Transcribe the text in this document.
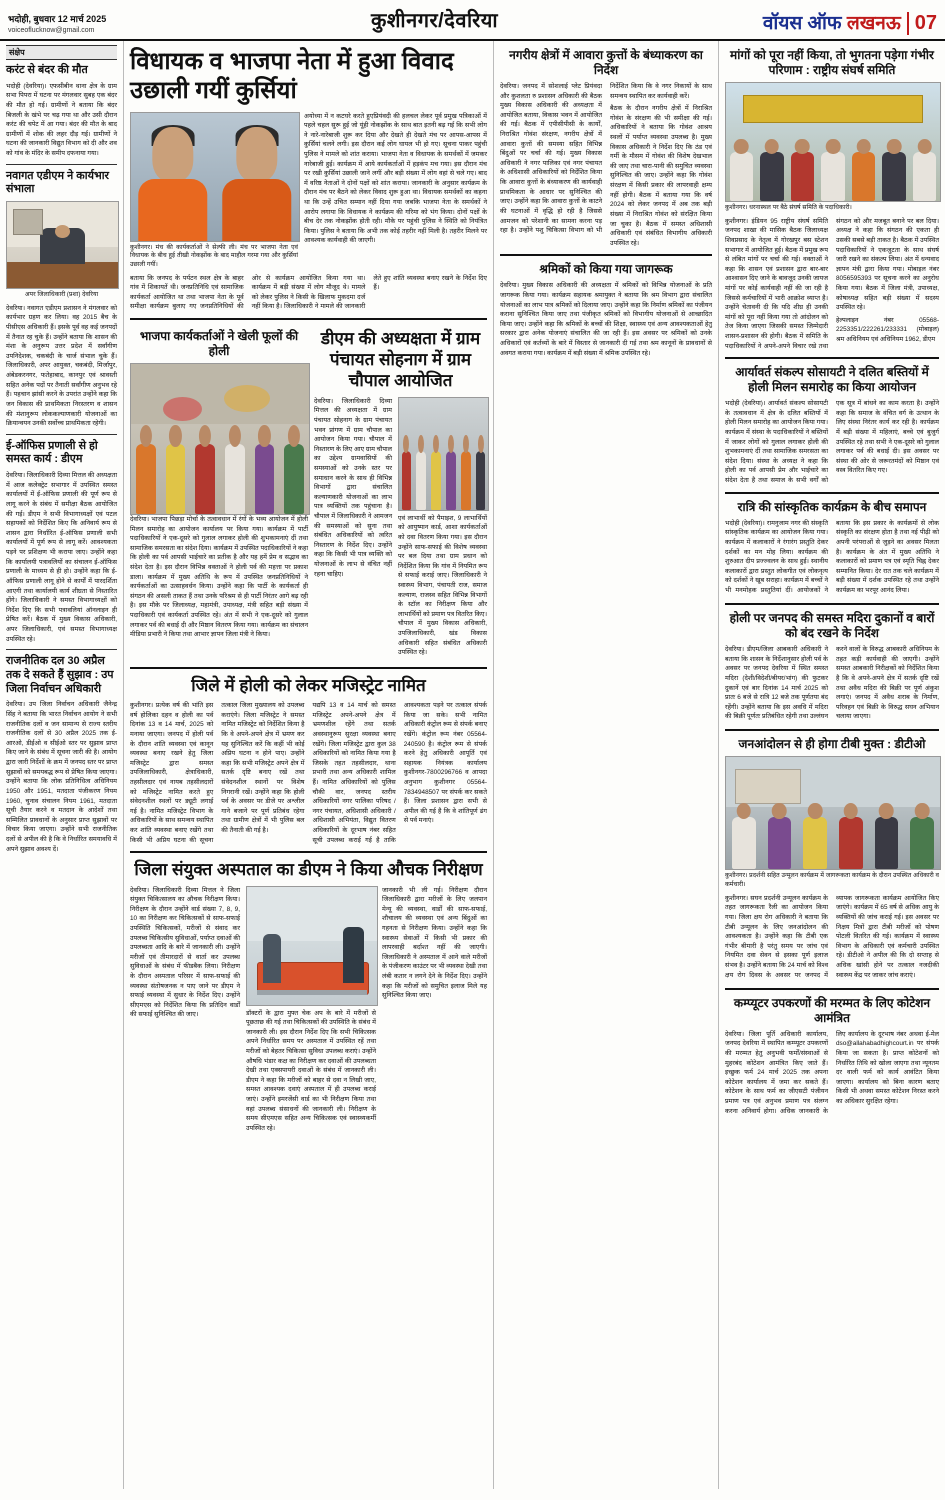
भदोही, बुधवार 12 मार्च 2025
voiceoflucknow@gmail.com	कुशीनगर/देवरिया	वॉयस ऑफ लखनऊ 07
संक्षेप
करंट से बंदर की मौत

भदोही (देवरिया)। एफसीबीन थाना क्षेत्र के ग्राम सभा पिपरा में घटना पर मंगलवार सुबह एक बंदर की मौत हो गई। ग्रामीणों ने बताया कि बंदर बिजली के खंभे पर चढ़ गया था और उसी दौरान करंट की चपेट में आ गया। बंदर की मौत के बाद ग्रामीणों में शोक की लहर दौड़ गई। ग्रामीणों ने घटना की जानकारी विद्युत विभाग को दी और शव को गांव के मंदिर के समीप दफनाया गया।

नवागत एडीएम ने कार्यभार संभाला
अपर जिलाधिकारी (प्रशा) देवरिया

देवरिया। नवागत एडीएम प्रशासन ने मंगलवार को कार्यभार ग्रहण कर लिया। वह 2015 बैच के पीसीएस अधिकारी हैं। इसके पूर्व वह कई जनपदों में तैनात रह चुके हैं। उन्होंने बताया कि शासन की मंशा के अनुरूप उत्तर प्रदेश में सर्वांगीण उपनिदेशक, चकबंदी के चार्ज संभाल चुके हैं। जिलाधिकारी, अपर आयुक्त, चकबंदी, मिर्जापुर, अंबेडकरनगर, फतेहाबाद, कानपुर एवं श्रावस्ती सहित अनेक पदों पर तैनाती सर्वांगीण अनुभव रहे हैं। पहचान झांसी करने के उपरांत उन्होंने कहा कि जन विकास की प्राथमिकता निरस्तरण व शासन की मंशानुरूप लोककल्याणकारी योजनाओं का क्रियान्वयन उनकी सर्वोच्च प्राथमिकता रहेगी।

ई-ऑफिस प्रणाली से हो समस्त कार्य : डीएम

देवरिया। जिलाधिकारी दिव्या मित्तल की अध्यक्षता में आज कलेक्ट्रेट सभागार में उपस्थित समस्त कार्यालयों में ई-ऑफिस प्रणाली की पूर्ण रूप से लागू करने के संबंध में समीक्षा बैठक आयोजित की गई। डीएम ने सभी विभागाध्यक्षों एवं पटल सहायकों को निर्देशित किए कि अनिवार्य रूप से शासन द्वारा निर्धारित ई-ऑफिस प्रणाली सभी कार्यालयों में पूर्ण रूप से लागू करें। आवश्यकता पड़ने पर प्रशिक्षण भी कराया जाए। उन्होंने कहा कि कार्यालयी पत्रावलियों का संचालन ई-ऑफिस प्रणाली के माध्यम से ही हो। उन्होंने कहा कि ई-ऑफिस प्रणाली लागू होने से कार्यों में पारदर्शिता आएगी तथा कार्यालयी कार्य शीघ्रता से निस्तारित होंगे। जिलाधिकारी ने समस्त विभागाध्यक्षों को निर्देश दिए कि सभी पत्रावलियां ऑनलाइन ही प्रेषित करें। बैठक में मुख्य विकास अधिकारी, अपर जिलाधिकारी, एवं समस्त विभागाध्यक्ष उपस्थित रहे।

राजनीतिक दल 30 अप्रैल तक दे सकते हैं सुझाव : उप जिला निर्वाचन अधिकारी

देवरिया। उप जिला निर्वाचन अधिकारी जैनेन्द्र सिंह ने बताया कि भारत निर्वाचन आयोग ने सभी राजनीतिक दलों व जन सामान्य से राज्य स्तरीय राजनीतिक दलों से 30 अप्रैल 2025 तक ई-आरओ, डीईओ व सीईओ स्तर पर सुझाव प्राप्त किए जाने के संबंध में सूचना जारी की है। आयोग द्वारा जारी निर्देशों के क्रम में जनपद स्तर पर प्राप्त सुझावों को समयबद्ध रूप से प्रेषित किया जाएगा। उन्होंने बताया कि लोक प्रतिनिधित्व अधिनियम 1950 और 1951, मतदाता पंजीकरण नियम 1960, चुनाव संचालन नियम 1961, मतदाता सूची तैयार करने व मतदान के आदेशों तथा सम्मिलित प्रावधानों के अनुसार प्राप्त सुझावों पर विचार किया जाएगा। उन्होंने सभी राजनीतिक दलों से अपील की है कि वे निर्धारित समयावधि में अपने सुझाव अवश्य दें।

विधायक व भाजपा नेता में हुआ विवाद उछाली गयीं कुर्सियां
कुशीनगर। मंच की कार्यकर्ताओं ने सेल्फी ली। मंच पर भाजपा नेता एवं विधायक के बीच हुई तीखी नोकझोंक के बाद माहौल गरमा गया और कुर्सियां उछाली गयीं।

अयोध्या में न कटघरे करते हुएप्रियंवदी की हलचल लेकर पूर्व प्रमुख पत्रिकाओं में पहले चहल सुरू हुई जो यूंही नोकझोंक के साथ बात इतनी बढ़ गई कि सभी लोग ने नारे-नारेबाजी शुरू कर दिया और देखते ही देखते मंच पर आपस-आपस में कुर्सियां चलने लगी। इस दौरान कई लोग घायल भी हो गए। सूचना पाकर पहुंची पुलिस ने मामले को शांत कराया। भाजपा नेता व विधायक के समर्थकों में जमकर नारेबाजी हुई। कार्यक्रम में आये कार्यकर्ताओं में हड़कंप मच गया। इस दौरान मंच पर रखी कुर्सियां उछाली जाने लगीं और बड़ी संख्या में लोग वहां से चले गए। बाद में वरिष्ठ नेताओं ने दोनों पक्षों को शांत कराया। जानकारी के अनुसार कार्यक्रम के दौरान मंच पर बैठने को लेकर विवाद शुरू हुआ था। विधायक समर्थकों का कहना था कि उन्हें उचित सम्मान नहीं दिया गया जबकि भाजपा नेता के समर्थकों ने आरोप लगाया कि विधायक ने कार्यक्रम की गरिमा को भंग किया। दोनों पक्षों के बीच देर तक नोकझोंक होती रही। मौके पर पहुंची पुलिस ने स्थिति को नियंत्रित किया। पुलिस ने बताया कि अभी तक कोई तहरीर नहीं मिली है। तहरीर मिलने पर आवश्यक कार्यवाही की जाएगी।

बताया कि जनपद के पर्यटन स्थल क्षेत्र के बाहर गांव में शिकायतें थी। जनप्रतिनिधि एवं सामाजिक कार्यकर्ता आयोजित था तथा भाजपा नेता के पूर्व समीक्षा कार्यक्रम बुलाए गए जनप्रतिनिधियों की ओर से कार्यक्रम आयोजित किया गया था। कार्यक्रम में बड़ी संख्या में लोग मौजूद थे। मामले को लेकर पुलिस ने किसी के खिलाफ मुकदमा दर्ज नहीं किया है। जिलाधिकारी ने मामले की जानकारी लेते हुए शांति व्यवस्था बनाए रखने के निर्देश दिए हैं।

भाजपा कार्यकर्ताओं ने खेली फूलों की होली

देवरिया। भाजपा पिछड़ा मोर्चा के तत्वावधान में रंगों के भव्य आयोजन में होली मिलन समारोह का आयोजन कार्यालय पर किया गया। कार्यक्रम में पार्टी पदाधिकारियों ने एक-दूसरे को गुलाल लगाकर होली की शुभकामनाएं दीं तथा सामाजिक समरसता का संदेश दिया। कार्यक्रम में उपस्थित पदाधिकारियों ने कहा कि होली का पर्व आपसी भाईचारे का प्रतीक है और यह हमें प्रेम व सद्भाव का संदेश देता है। इस दौरान विभिन्न वक्ताओं ने होली पर्व की महत्ता पर प्रकाश डाला। कार्यक्रम में मुख्य अतिथि के रूप में उपस्थित जनप्रतिनिधियों ने कार्यकर्ताओं का उत्साहवर्धन किया। उन्होंने कहा कि पार्टी के कार्यकर्ता ही संगठन की असली ताकत हैं तथा उनके परिश्रम से ही पार्टी निरंतर आगे बढ़ रही है। इस मौके पर जिलाध्यक्ष, महामंत्री, उपाध्यक्ष, मंत्री सहित बड़ी संख्या में पदाधिकारी एवं कार्यकर्ता उपस्थित रहे। अंत में सभी ने एक-दूसरे को गुलाल लगाकर पर्व की बधाई दी और मिष्ठान वितरण किया गया। कार्यक्रम का संचालन मीडिया प्रभारी ने किया तथा आभार ज्ञापन जिला मंत्री ने किया।

डीएम की अध्यक्षता में ग्राम पंचायत सोहनाग में ग्राम चौपाल आयोजित

देवरिया। जिलाधिकारी दिव्या मित्तल की अध्यक्षता में ग्राम पंचायत सोहनाग के ग्राम पंचायत भवन प्रांगण में ग्राम चौपाल का आयोजन किया गया। चौपाल में निस्तारण के लिए आए ग्राम चौपाल का उद्देश्य ग्रामवासियों की समस्याओं को उनके स्तर पर समाधान करने के साथ ही विभिन्न विभागों द्वारा संचालित कल्याणकारी योजनाओं का लाभ पात्र व्यक्तियों तक पहुंचाना है। चौपाल में जिलाधिकारी ने आमजन की समस्याओं को सुना तथा संबंधित अधिकारियों को त्वरित निस्तारण के निर्देश दिए। उन्होंने कहा कि किसी भी पात्र व्यक्ति को योजनाओं के लाभ से वंचित नहीं रहना चाहिए।

एवं लाभार्थी को पैमाइश, 9 लाभार्थियों को आयुष्मान कार्ड, आशा कार्यकर्ताओं को दवा वितरण किया गया। इस दौरान उन्होंने साफ-सफाई की विशेष व्यवस्था पर बल दिया तथा ग्राम प्रधान को निर्देशित किया कि गांव में नियमित रूप से सफाई कराई जाए। जिलाधिकारी ने स्वास्थ्य विभाग, पंचायती राज, समाज कल्याण, राजस्व सहित विभिन्न विभागों के स्टॉल का निरीक्षण किया और लाभार्थियों को प्रमाण पत्र वितरित किए। चौपाल में मुख्य विकास अधिकारी, उपजिलाधिकारी, खंड विकास अधिकारी सहित संबंधित अधिकारी उपस्थित रहे।

जिले में होली को लेकर मजिस्ट्रेट नामित

कुशीनगर। प्रत्येक वर्ष की भांति इस वर्ष होलिका दहन व होली का पर्व दिनांक 13 व 14 मार्च, 2025 को मनाया जाएगा। जनपद में होली पर्व के दौरान शांति व्यवस्था एवं कानून व्यवस्था बनाए रखने हेतु जिला मजिस्ट्रेट द्वारा समस्त उपजिलाधिकारी, क्षेत्राधिकारी, तहसीलदार एवं नायब तहसीलदारों को मजिस्ट्रेट नामित करते हुए संवेदनशील स्थलों पर ड्यूटी लगाई गई है। नामित मजिस्ट्रेट विभाग के अधिकारियों के साथ समन्वय स्थापित कर शांति व्यवस्था बनाए रखेंगे तथा किसी भी अप्रिय घटना की सूचना तत्काल जिला मुख्यालय को उपलब्ध कराएंगे। जिला मजिस्ट्रेट ने समस्त नामित मजिस्ट्रेट को निर्देशित किया है कि वे अपने-अपने क्षेत्र में भ्रमण कर यह सुनिश्चित करें कि कहीं भी कोई अप्रिय घटना न होने पाए। उन्होंने कहा कि सभी मजिस्ट्रेट अपने क्षेत्र में सतर्क दृष्टि बनाए रखें तथा संवेदनशील स्थानों पर विशेष निगरानी रखें। उन्होंने कहा कि होली पर्व के अवसर पर डीजे पर अश्लील गाने बजाने पर पूर्ण प्रतिबंध रहेगा तथा ग्रामीण क्षेत्रों में भी पुलिस बल की तैनाती की गई है।

यद्यपि 13 व 14 मार्च को समस्त मजिस्ट्रेट अपने-अपने क्षेत्र में भ्रमणशील रहेंगे तथा सतर्क अवस्थानुरूप सुरक्षा व्यवस्था बनाए रखेंगे। जिला मजिस्ट्रेट द्वारा कुल 38 अधिकारियों को नामित किया गया है जिसके तहत तहसीलदार, थाना प्रभारी तथा अन्य अधिकारी शामिल हैं। नामित अधिकारियों को पुलिस चौकी वार, जनपद स्तरीय अधिकारियों नगर पालिका परिषद / नगर पंचायत, अधिशासी अधिकारी / अधिशासी अभियंता, विद्युत वितरण अधिकारियों के दूरभाष नंबर सहित सूची उपलब्ध कराई गई है ताकि आवश्यकता पड़ने पर तत्काल संपर्क किया जा सके। सभी नामित अधिकारी कंट्रोल रूम से संपर्क बनाए रखेंगे। कंट्रोल रूम नंबर 05564-240590 है। कंट्रोल रूम से संपर्क करने हेतु अधिकारी आपूर्ति एवं सहायक नियंत्रक कार्यालय कुशीनगर-7800296766 व आपदा अनुभाग कुशीनगर 05564-7834948507 पर संपर्क कर सकते हैं। जिला प्रशासन द्वारा सभी से अपील की गई है कि वे शांतिपूर्ण ढंग से पर्व मनाएं।

जिला संयुक्त अस्पताल का डीएम ने किया औचक निरीक्षण

देवरिया। जिलाधिकारी दिव्या मित्तल ने जिला संयुक्त चिकित्सालय का औचक निरीक्षण किया। निरीक्षण के दौरान उन्होंने वार्ड संख्या 7, 8, 9, 10 का निरीक्षण कर चिकित्सकों से साफ-सफाई उपस्थिति चिकित्सकों, मरीजों से संवाद कर उपलब्ध चिकित्सीय सुविधाओं, पर्याप्त दवाओं की उपलब्धता आदि के बारे में जानकारी ली। उन्होंने मरीजों एवं तीमारदारों से वार्ता कर उपलब्ध सुविधाओं के संबंध में फीडबैक लिया। निरीक्षण के दौरान अस्पताल परिसर में साफ-सफाई की व्यवस्था संतोषजनक न पाए जाने पर डीएम ने सफाई व्यवस्था में सुधार के निर्देश दिए। उन्होंने सीएमएस को निर्देशित किया कि प्रतिदिन वार्डों की सफाई सुनिश्चित की जाए।	डॉक्टरों के द्वारा मुफ्त चेक अप के बारे में मरीजों से पूछताछ की गई तथा चिकित्सकों की उपस्थिति के संबंध में जानकारी ली। इस दौरान निर्देश दिए कि सभी चिकित्सक अपने निर्धारित समय पर अस्पताल में उपस्थित रहें तथा मरीजों को बेहतर चिकित्सा सुविधा उपलब्ध कराएं। उन्होंने औषधि भंडार कक्ष का निरीक्षण कर दवाओं की उपलब्धता देखी तथा एक्सपायरी दवाओं के संबंध में जानकारी ली। डीएम ने कहा कि मरीजों को बाहर से दवा न लिखी जाए, समस्त आवश्यक दवाएं अस्पताल में ही उपलब्ध कराई जाएं। उन्होंने इमरजेंसी वार्ड का भी निरीक्षण किया तथा वहां उपलब्ध संसाधनों की जानकारी ली। निरीक्षण के समय सीएमएस सहित अन्य चिकित्सक एवं स्वास्थ्यकर्मी उपस्थित रहे।

जानकारी भी ली गई। निरीक्षण दौरान जिलाधिकारी द्वारा मरीजों के लिए जलपान मेन्यू की व्यवस्था, वार्डों की साफ-सफाई, शौचालय की व्यवस्था एवं अन्य बिंदुओं का गहनता से निरीक्षण किया। उन्होंने कहा कि स्वास्थ्य सेवाओं में किसी भी प्रकार की लापरवाही बर्दाश्त नहीं की जाएगी। जिलाधिकारी ने अस्पताल में आने वाले मरीजों के पंजीकरण काउंटर पर भी व्यवस्था देखी तथा लंबी कतार न लगने देने के निर्देश दिए। उन्होंने कहा कि मरीजों को समुचित इलाज मिले यह सुनिश्चित किया जाए।

नगरीय क्षेत्रों में आवारा कुत्तों के बंध्याकरण का निर्देश

देवरिया। जनपद में सोशलाई प्लेट प्रियंवदा और कुशलता रु प्रशासन अधिकारी की बैठक मुख्य विकास अधिकारी की अध्यक्षता में आयोजित बताया, विकास भवन में आयोजित की गई। बैठक में एपीसीपीसी के कार्यों, निराश्रित गोवंश संरक्षण, नगरीय क्षेत्रों में आवारा कुत्तों की समस्या सहित विभिन्न बिंदुओं पर चर्चा की गई। मुख्य विकास अधिकारी ने नगर पालिका एवं नगर पंचायत के अधिशासी अधिकारियों को निर्देशित किया कि आवारा कुत्तों के बंध्याकरण की कार्यवाही प्राथमिकता के आधार पर सुनिश्चित की जाए। उन्होंने कहा कि आवारा कुत्तों के काटने की घटनाओं में वृद्धि हो रही है जिससे आमजन को परेशानी का सामना करना पड़ रहा है। उन्होंने पशु चिकित्सा विभाग को भी निर्देशित किया कि वे नगर निकायों के साथ समन्वय स्थापित कर कार्यवाही करें।

बैठक के दौरान नगरीय क्षेत्रों में निराश्रित गोवंश के संरक्षण की भी समीक्षा की गई। अधिकारियों ने बताया कि गोवंश आश्रय स्थलों में पर्याप्त व्यवस्था उपलब्ध है। मुख्य विकास अधिकारी ने निर्देश दिए कि ठंड एवं गर्मी के मौसम में गोवंश की विशेष देखभाल की जाए तथा चारा-पानी की समुचित व्यवस्था सुनिश्चित की जाए। उन्होंने कहा कि गोवंश संरक्षण में किसी प्रकार की लापरवाही क्षम्य नहीं होगी। बैठक में बताया गया कि वर्ष 2024 को लेकर जनपद में अब तक बड़ी संख्या में निराश्रित गोवंश को संरक्षित किया जा चुका है। बैठक में समस्त अधिशासी अधिकारी एवं संबंधित विभागीय अधिकारी उपस्थित रहे।

श्रमिकों को किया गया जागरूक

देवरिया। मुख्य विकास अधिकारी की अध्यक्षता में श्रमिकों को विभिन्न योजनाओं के प्रति जागरूक किया गया। कार्यक्रम सहायक श्रमायुक्त ने बताया कि श्रम विभाग द्वारा संचालित योजनाओं का लाभ पात्र श्रमिकों को दिलाया जाए। उन्होंने कहा कि निर्माण श्रमिकों का पंजीयन कराना सुनिश्चित किया जाए तथा पंजीकृत श्रमिकों को विभागीय योजनाओं से आच्छादित किया जाए। उन्होंने कहा कि श्रमिकों के बच्चों की शिक्षा, स्वास्थ्य एवं अन्य आवश्यकताओं हेतु सरकार द्वारा अनेक योजनाएं संचालित की जा रही हैं। इस अवसर पर श्रमिकों को उनके अधिकारों एवं कर्तव्यों के बारे में विस्तार से जानकारी दी गई तथा श्रम कानूनों के प्रावधानों से अवगत कराया गया। कार्यक्रम में बड़ी संख्या में श्रमिक उपस्थित रहे।

मांगों को पूरा नहीं किया, तो भुगतना पड़ेगा गंभीर परिणाम : राष्ट्रीय संघर्ष समिति
कुशीनगर। धरनास्थल पर बैठे संघर्ष समिति के पदाधिकारी।

कुशीनगर। इंडियन 95 राष्ट्रीय संघर्ष समिति जनपद शाखा की मासिक बैठक जिलाध्यक्ष शिवप्रसाद के नेतृत्व में गोरखपुर बस स्टेशन सभागार में आयोजित हुई। बैठक में प्रमुख रूप से लंबित मांगों पर चर्चा की गई। वक्ताओं ने कहा कि शासन एवं प्रशासन द्वारा बार-बार आश्वासन दिए जाने के बावजूद उनकी जायज मांगों पर कोई कार्यवाही नहीं की जा रही है जिससे कर्मचारियों में भारी आक्रोश व्याप्त है। उन्होंने चेतावनी दी कि यदि शीघ्र ही उनकी मांगों को पूरा नहीं किया गया तो आंदोलन को तेज किया जाएगा जिसकी समस्त जिम्मेदारी शासन-प्रशासन की होगी। बैठक में समिति के पदाधिकारियों ने अपने-अपने विचार रखे तथा संगठन को और मजबूत बनाने पर बल दिया। अध्यक्ष ने कहा कि संगठन की एकता ही उसकी सबसे बड़ी ताकत है। बैठक में उपस्थित पदाधिकारियों ने एकजुटता के साथ संघर्ष जारी रखने का संकल्प लिया। अंत में धन्यवाद ज्ञापन मंत्री द्वारा किया गया। मोबाइल नंबर 8056595393 पर सूचना करने का अनुरोध किया गया। बैठक में जिला मंत्री, उपाध्यक्ष, कोषाध्यक्ष सहित बड़ी संख्या में सदस्य उपस्थित रहे।

हेल्पलाइन नंबर 05568-2253351/222261/233331 (मोबाइल) श्रम अधिनियम एवं अधिनियम 1962, डीएम

आर्यावर्त संकल्प सोसायटी ने दलित बस्तियों में होली मिलन समारोह का किया आयोजन

भदोही (देवरिया)। आर्यावर्त संकल्प सोसायटी के तत्वावधान में क्षेत्र के दलित बस्तियों में होली मिलन समारोह का आयोजन किया गया। कार्यक्रम में संस्था के पदाधिकारियों ने बस्तियों में जाकर लोगों को गुलाल लगाकर होली की शुभकामनाएं दीं तथा सामाजिक समरसता का संदेश दिया। संस्था के अध्यक्ष ने कहा कि होली का पर्व आपसी प्रेम और भाईचारे का संदेश देता है तथा समाज के सभी वर्गों को एक सूत्र में बांधने का काम करता है। उन्होंने कहा कि समाज के वंचित वर्ग के उत्थान के लिए संस्था निरंतर कार्य कर रही है। कार्यक्रम में बड़ी संख्या में महिलाएं, बच्चे एवं बुजुर्ग उपस्थित रहे तथा सभी ने एक-दूसरे को गुलाल लगाकर पर्व की बधाई दी। इस अवसर पर संस्था की ओर से जरूरतमंदों को मिष्ठान एवं वस्त्र वितरित किए गए।

रात्रि की सांस्कृतिक कार्यक्रम के बीच समापन

भदोही (देवरिया)। रामनुजाम नगर की संस्कृति सांस्कृतिक कार्यक्रम का आयोजन किया गया। कार्यक्रम में कलाकारों ने रंगारंग प्रस्तुति देकर दर्शकों का मन मोह लिया। कार्यक्रम की शुरुआत दीप प्रज्ज्वलन के साथ हुई। स्थानीय कलाकारों द्वारा प्रस्तुत लोकगीत एवं लोकनृत्य को दर्शकों ने खूब सराहा। कार्यक्रम में बच्चों ने भी मनमोहक प्रस्तुतियां दीं। आयोजकों ने बताया कि इस प्रकार के कार्यक्रमों से लोक संस्कृति का संरक्षण होता है तथा नई पीढ़ी को अपनी परंपराओं से जुड़ने का अवसर मिलता है। कार्यक्रम के अंत में मुख्य अतिथि ने कलाकारों को प्रमाण पत्र एवं स्मृति चिह्न देकर सम्मानित किया। देर रात तक चले कार्यक्रम में बड़ी संख्या में दर्शक उपस्थित रहे तथा उन्होंने कार्यक्रम का भरपूर आनंद लिया।

होली पर जनपद की समस्त मदिरा दुकानों व बारों को बंद रखने के निर्देश

देवरिया। डीएम/जिला आबकारी अधिकारी ने बताया कि शासन के निर्देशानुसार होली पर्व के अवसर पर जनपद देवरिया में स्थित समस्त मदिरा (देशी/विदेशी/बीयर/भांग) की फुटकर दुकानें एवं बार दिनांक 14 मार्च 2025 को प्रातः 6 बजे से रात्रि 12 बजे तक पूर्णतया बंद रहेंगी। उन्होंने बताया कि इस अवधि में मदिरा की बिक्री पूर्णतः प्रतिबंधित रहेगी तथा उल्लंघन करने वालों के विरुद्ध आबकारी अधिनियम के तहत कड़ी कार्यवाही की जाएगी। उन्होंने समस्त आबकारी निरीक्षकों को निर्देशित किया है कि वे अपने-अपने क्षेत्र में सतर्क दृष्टि रखें तथा अवैध मदिरा की बिक्री पर पूर्ण अंकुश लगाएं। जनपद में अवैध शराब के निर्माण, परिवहन एवं बिक्री के विरुद्ध सघन अभियान चलाया जाएगा।

जनआंदोलन से ही होगा टीबी मुक्त : डीटीओ
कुशीनगर। प्रदर्शनी सहित उन्मूलन कार्यक्रम में जागरूकता कार्यक्रम के दौरान उपस्थित अधिकारी व कर्मचारी।

कुशीनगर। सघन प्रदर्शनी उन्मूलन कार्यक्रम के तहत जागरूकता रैली का आयोजन किया गया। जिला क्षय रोग अधिकारी ने बताया कि टीबी उन्मूलन के लिए जनआंदोलन की आवश्यकता है। उन्होंने कहा कि टीबी एक गंभीर बीमारी है परंतु समय पर जांच एवं नियमित दवा सेवन से इसका पूर्ण इलाज संभव है। उन्होंने बताया कि 24 मार्च को विश्व क्षय रोग दिवस के अवसर पर जनपद में व्यापक जागरूकता कार्यक्रम आयोजित किए जाएंगे। कार्यक्रम में 65 वर्ष से अधिक आयु के व्यक्तियों की जांच कराई गई। इस अवसर पर निक्षय मित्रों द्वारा टीबी मरीजों को पोषण पोटली वितरित की गई। कार्यक्रम में स्वास्थ्य विभाग के अधिकारी एवं कर्मचारी उपस्थित रहे। डीटीओ ने अपील की कि दो सप्ताह से अधिक खांसी होने पर तत्काल नजदीकी स्वास्थ्य केंद्र पर जाकर जांच कराएं।

कम्प्यूटर उपकरणों की मरम्मत के लिए कोटेशन आमंत्रित

देवरिया। जिला पूर्ति अधिकारी कार्यालय, जनपद देवरिया में स्थापित कम्प्यूटर उपकरणों की मरम्मत हेतु अनुभवी फर्मों/संस्थाओं से मुहरबंद कोटेशन आमंत्रित किए जाते हैं। इच्छुक फर्म 24 मार्च 2025 तक अपना कोटेशन कार्यालय में जमा कर सकते हैं। कोटेशन के साथ फर्म का जीएसटी पंजीयन प्रमाण पत्र एवं अनुभव प्रमाण पत्र संलग्न करना अनिवार्य होगा। अधिक जानकारी के लिए कार्यालय के दूरभाष नंबर अथवा ई-मेल dso@allahabadhighcourt.in पर संपर्क किया जा सकता है। प्राप्त कोटेशनों को निर्धारित तिथि को खोला जाएगा तथा न्यूनतम दर वाली फर्म को कार्य आवंटित किया जाएगा। कार्यालय को बिना कारण बताए किसी भी अथवा समस्त कोटेशन निरस्त करने का अधिकार सुरक्षित रहेगा।
